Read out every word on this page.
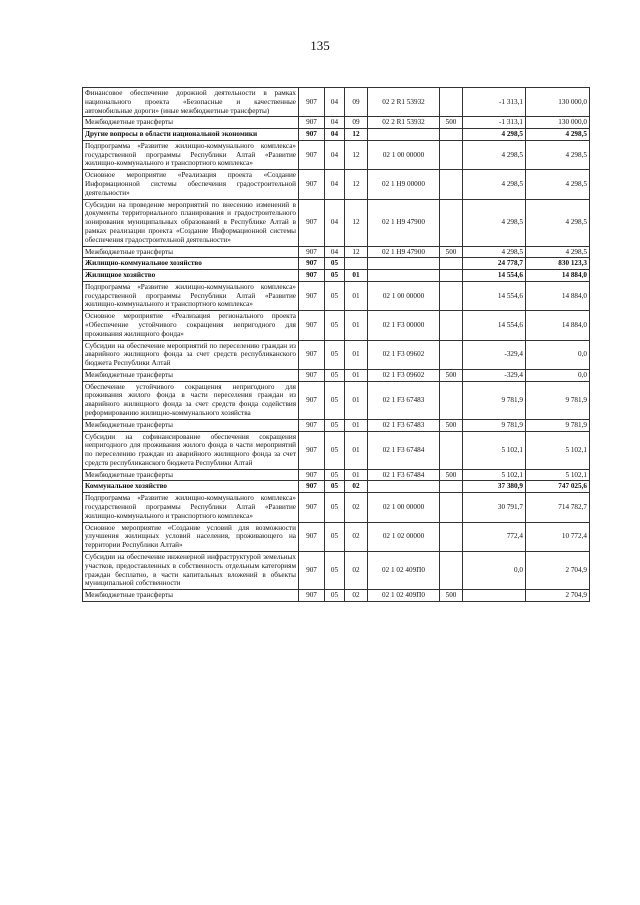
135
Финансовое обеспечение дорожной деятельности в рамках национального проекта «Безопасные и качественные автомобильные дороги» (иные межбюджетные трансферты)	907	04	09	02 2 R1 53932		-1 313,1	130 000,0
Межбюджетные трансферты	907	04	09	02 2 R1 53932	500	-1 313,1	130 000,0
Другие вопросы в области национальной экономики	907	04	12			4 298,5	4 298,5
Подпрограмма «Развитие жилищно-коммунального комплекса» государственной программы Республики Алтай «Развитие жилищно-коммунального и транспортного комплекса»	907	04	12	02 1 00 00000		4 298,5	4 298,5
Основное мероприятие «Реализация проекта «Создание Информационной системы обеспечения градостроительной деятельности»	907	04	12	02 1 Н9 00000		4 298,5	4 298,5
Субсидии на проведение мероприятий по внесению изменений в документы территориального планирования и градостроительного зонирования муниципальных образований в Республике Алтай в рамках реализации проекта «Создание Информационной системы обеспечения градостроительной деятельности»	907	04	12	02 1 Н9 47900		4 298,5	4 298,5
Межбюджетные трансферты	907	04	12	02 1 Н9 47900	500	4 298,5	4 298,5
Жилищно-коммунальное хозяйство	907	05				24 778,7	830 123,3
Жилищное хозяйство	907	05	01			14 554,6	14 884,0
Подпрограмма «Развитие жилищно-коммунального комплекса» государственной программы Республики Алтай «Развитие жилищно-коммунального и транспортного комплекса»	907	05	01	02 1 00 00000		14 554,6	14 884,0
Основное мероприятие «Реализация регионального проекта «Обеспечение устойчивого сокращения непригодного для проживания жилищного фонда»	907	05	01	02 1 F3 00000		14 554,6	14 884,0
Субсидии на обеспечение мероприятий по переселению граждан из аварийного жилищного фонда за счет средств республиканского бюджета Республики Алтай	907	05	01	02 1 F3 09602		-329,4	0,0
Межбюджетные трансферты	907	05	01	02 1 F3 09602	500	-329,4	0,0
Обеспечение устойчивого сокращения непригодного для проживания жилого фонда в части переселения граждан из аварийного жилищного фонда за счет средств фонда содействия реформированию жилищно-коммунального хозяйства	907	05	01	02 1 F3 67483		9 781,9	9 781,9
Межбюджетные трансферты	907	05	01	02 1 F3 67483	500	9 781,9	9 781,9
Субсидии на софинансирование обеспечения сокращения непригодного для проживания жилого фонда в части мероприятий по переселению граждан из аварийного жилищного фонда за счет средств республиканского бюджета Республики Алтай	907	05	01	02 1 F3 67484		5 102,1	5 102,1
Межбюджетные трансферты	907	05	01	02 1 F3 67484	500	5 102,1	5 102,1
Коммунальное хозяйство	907	05	02			37 380,9	747 025,6
Подпрограмма «Развитие жилищно-коммунального комплекса» государственной программы Республики Алтай «Развитие жилищно-коммунального и транспортного комплекса»	907	05	02	02 1 00 00000		30 791,7	714 782,7
Основное мероприятие «Создание условий для возможности улучшения жилищных условий населения, проживающего на территории Республики Алтай»	907	05	02	02 1 02 00000		772,4	10 772,4
Субсидии на обеспечение инженерной инфраструктурой земельных участков, предоставленных в собственность отдельным категориям граждан бесплатно, в части капитальных вложений в объекты муниципальной собственности	907	05	02	02 1 02 409П0		0,0	2 704,9
Межбюджетные трансферты	907	05	02	02 1 02 409П0	500		2 704,9
